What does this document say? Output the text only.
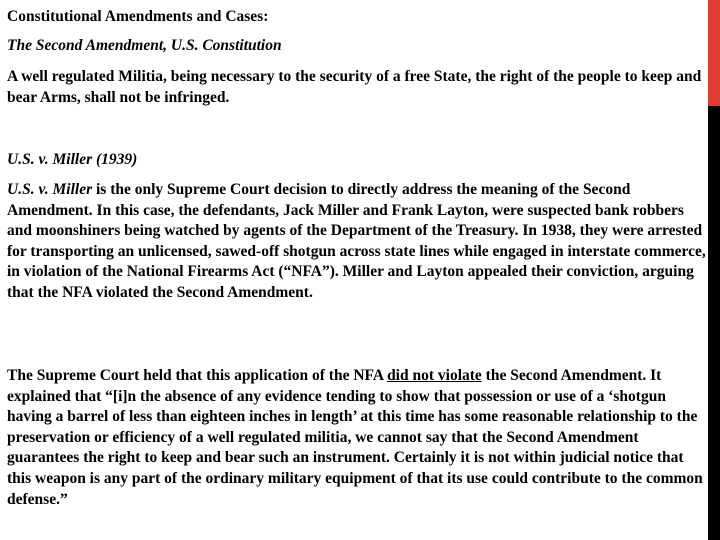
Constitutional Amendments and Cases:

The Second Amendment, U.S. Constitution

A well regulated Militia, being necessary to the security of a free State, the right of the people to keep and bear Arms, shall not be infringed.

U.S. v. Miller (1939)

U.S. v. Miller is the only Supreme Court decision to directly address the meaning of the Second Amendment. In this case, the defendants, Jack Miller and Frank Layton, were suspected bank robbers and moonshiners being watched by agents of the Department of the Treasury. In 1938, they were arrested for transporting an unlicensed, sawed-off shotgun across state lines while engaged in interstate commerce, in violation of the National Firearms Act (“NFA”). Miller and Layton appealed their conviction, arguing that the NFA violated the Second Amendment.

The Supreme Court held that this application of the NFA did not violate the Second Amendment. It explained that “[i]n the absence of any evidence tending to show that possession or use of a ‘shotgun having a barrel of less than eighteen inches in length’ at this time has some reasonable relationship to the preservation or efficiency of a well regulated militia, we cannot say that the Second Amendment guarantees the right to keep and bear such an instrument. Certainly it is not within judicial notice that this weapon is any part of the ordinary military equipment of that its use could contribute to the common defense.”
